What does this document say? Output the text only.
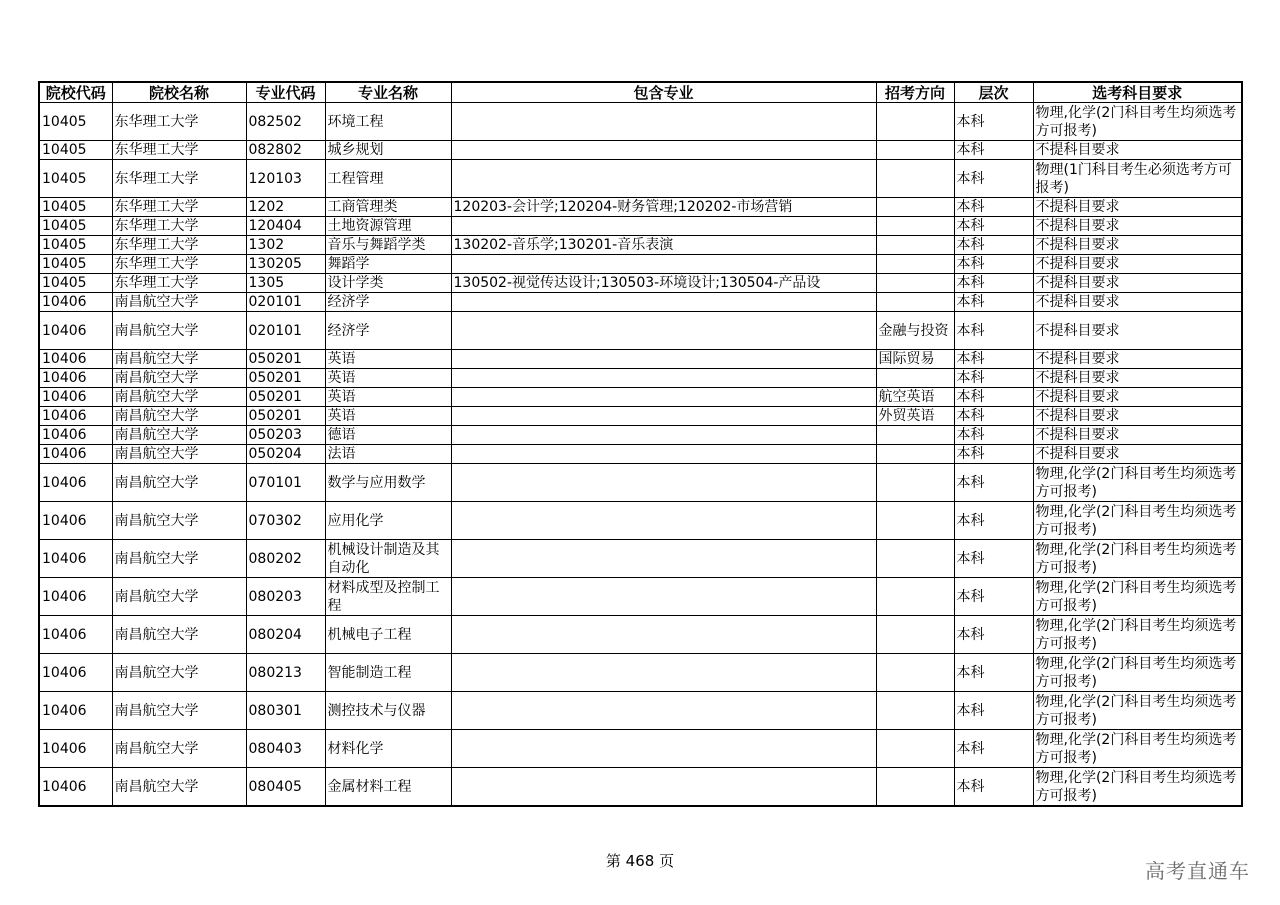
院校代码	院校名称	专业代码	专业名称	包含专业	招考方向	层次	选考科目要求
10405	东华理工大学	082502	环境工程			本科	物理,化学(2门科目考生均须选考方可报考)
10405	东华理工大学	082802	城乡规划			本科	不提科目要求
10405	东华理工大学	120103	工程管理			本科	物理(1门科目考生必须选考方可报考)
10405	东华理工大学	1202	工商管理类	120203-会计学;120204-财务管理;120202-市场营销		本科	不提科目要求
10405	东华理工大学	120404	土地资源管理			本科	不提科目要求
10405	东华理工大学	1302	音乐与舞蹈学类	130202-音乐学;130201-音乐表演		本科	不提科目要求
10405	东华理工大学	130205	舞蹈学			本科	不提科目要求
10405	东华理工大学	1305	设计学类	130502-视觉传达设计;130503-环境设计;130504-产品设		本科	不提科目要求
10406	南昌航空大学	020101	经济学			本科	不提科目要求
10406	南昌航空大学	020101	经济学		金融与投资	本科	不提科目要求
10406	南昌航空大学	050201	英语		国际贸易	本科	不提科目要求
10406	南昌航空大学	050201	英语			本科	不提科目要求
10406	南昌航空大学	050201	英语		航空英语	本科	不提科目要求
10406	南昌航空大学	050201	英语		外贸英语	本科	不提科目要求
10406	南昌航空大学	050203	德语			本科	不提科目要求
10406	南昌航空大学	050204	法语			本科	不提科目要求
10406	南昌航空大学	070101	数学与应用数学			本科	物理,化学(2门科目考生均须选考方可报考)
10406	南昌航空大学	070302	应用化学			本科	物理,化学(2门科目考生均须选考方可报考)
10406	南昌航空大学	080202	机械设计制造及其自动化			本科	物理,化学(2门科目考生均须选考方可报考)
10406	南昌航空大学	080203	材料成型及控制工程			本科	物理,化学(2门科目考生均须选考方可报考)
10406	南昌航空大学	080204	机械电子工程			本科	物理,化学(2门科目考生均须选考方可报考)
10406	南昌航空大学	080213	智能制造工程			本科	物理,化学(2门科目考生均须选考方可报考)
10406	南昌航空大学	080301	测控技术与仪器			本科	物理,化学(2门科目考生均须选考方可报考)
10406	南昌航空大学	080403	材料化学			本科	物理,化学(2门科目考生均须选考方可报考)
10406	南昌航空大学	080405	金属材料工程			本科	物理,化学(2门科目考生均须选考方可报考)
第 468 页	高考直通车
